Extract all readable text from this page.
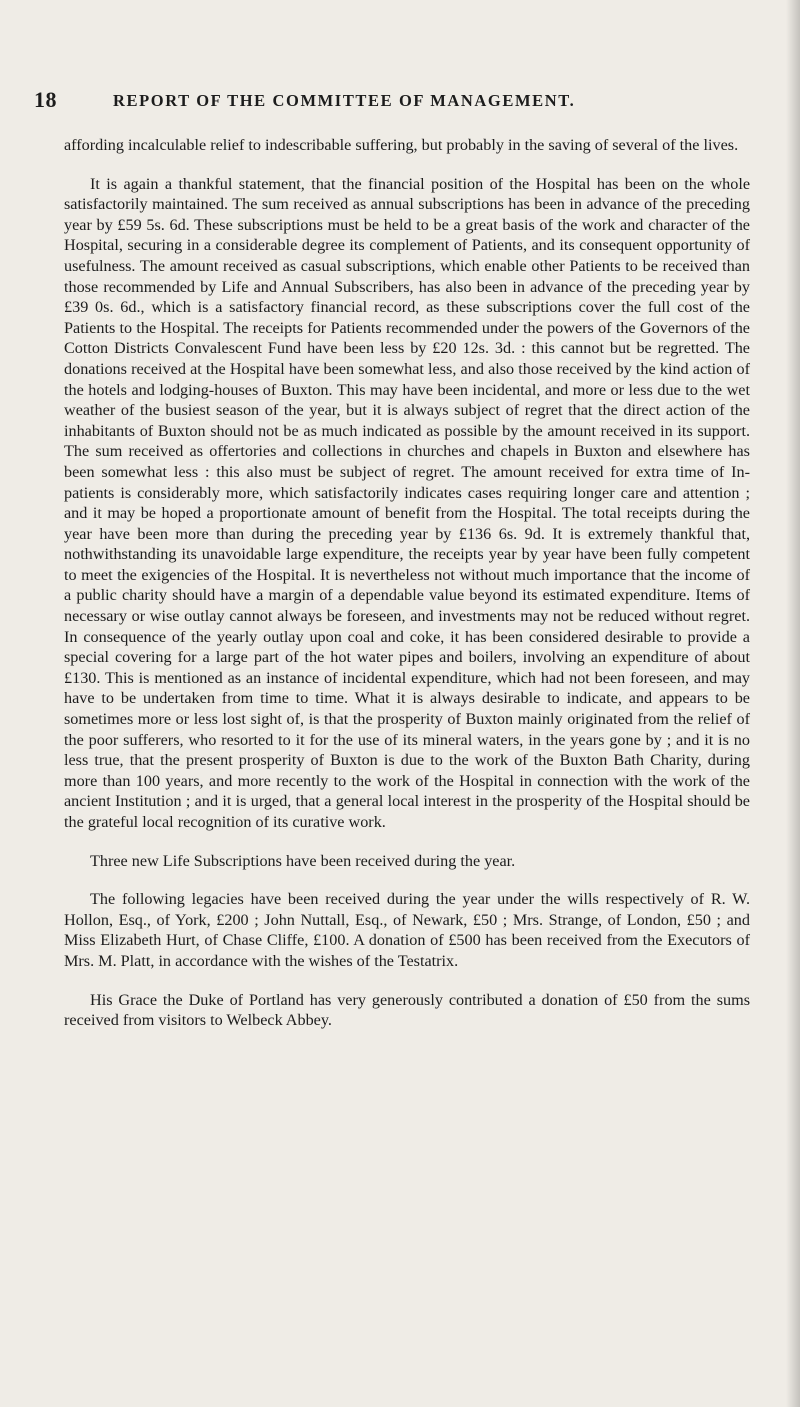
18	REPORT OF THE COMMITTEE OF MANAGEMENT.

affording incalculable relief to indescribable suffering, but probably in the saving of several of the lives.

It is again a thankful statement, that the financial position of the Hospital has been on the whole satisfactorily maintained. The sum received as annual subscriptions has been in advance of the preceding year by £59 5s. 6d. These subscriptions must be held to be a great basis of the work and character of the Hospital, securing in a considerable degree its complement of Patients, and its consequent opportunity of usefulness. The amount received as casual subscriptions, which enable other Patients to be received than those recommended by Life and Annual Subscribers, has also been in advance of the preceding year by £39 0s. 6d., which is a satisfactory financial record, as these subscriptions cover the full cost of the Patients to the Hospital. The receipts for Patients recommended under the powers of the Governors of the Cotton Districts Convalescent Fund have been less by £20 12s. 3d. : this cannot but be regretted. The donations received at the Hospital have been somewhat less, and also those received by the kind action of the hotels and lodging-houses of Buxton. This may have been incidental, and more or less due to the wet weather of the busiest season of the year, but it is always subject of regret that the direct action of the inhabitants of Buxton should not be as much indicated as possible by the amount received in its support. The sum received as offertories and collections in churches and chapels in Buxton and elsewhere has been somewhat less : this also must be subject of regret. The amount received for extra time of In-patients is considerably more, which satisfactorily indicates cases requiring longer care and attention ; and it may be hoped a proportionate amount of benefit from the Hospital. The total receipts during the year have been more than during the preceding year by £136 6s. 9d. It is extremely thankful that, nothwithstanding its unavoidable large expenditure, the receipts year by year have been fully competent to meet the exigencies of the Hospital. It is nevertheless not without much importance that the income of a public charity should have a margin of a dependable value beyond its estimated expenditure. Items of necessary or wise outlay cannot always be foreseen, and investments may not be reduced without regret. In consequence of the yearly outlay upon coal and coke, it has been considered desirable to provide a special covering for a large part of the hot water pipes and boilers, involving an expenditure of about £130. This is mentioned as an instance of incidental expenditure, which had not been foreseen, and may have to be undertaken from time to time. What it is always desirable to indicate, and appears to be sometimes more or less lost sight of, is that the prosperity of Buxton mainly originated from the relief of the poor sufferers, who resorted to it for the use of its mineral waters, in the years gone by ; and it is no less true, that the present prosperity of Buxton is due to the work of the Buxton Bath Charity, during more than 100 years, and more recently to the work of the Hospital in connection with the work of the ancient Institution ; and it is urged, that a general local interest in the prosperity of the Hospital should be the grateful local recognition of its curative work.

Three new Life Subscriptions have been received during the year.

The following legacies have been received during the year under the wills respectively of R. W. Hollon, Esq., of York, £200 ; John Nuttall, Esq., of Newark, £50 ; Mrs. Strange, of London, £50 ; and Miss Elizabeth Hurt, of Chase Cliffe, £100. A donation of £500 has been received from the Executors of Mrs. M. Platt, in accordance with the wishes of the Testatrix.

His Grace the Duke of Portland has very generously contributed a donation of £50 from the sums received from visitors to Welbeck Abbey.
